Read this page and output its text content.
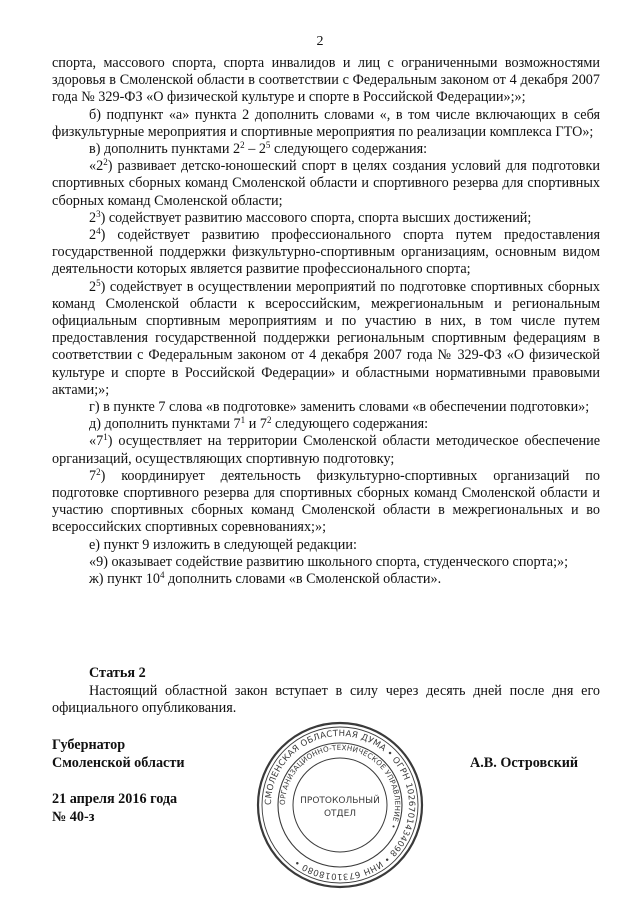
2

спорта, массового спорта, спорта инвалидов и лиц с ограниченными возможностями здоровья в Смоленской области в соответствии с Федеральным законом от 4 декабря 2007 года № 329-ФЗ «О физической культуре и спорте в Российской Федерации»;»;

б) подпункт «а» пункта 2 дополнить словами «, в том числе включающих в себя физкультурные мероприятия и спортивные мероприятия по реализации комплекса ГТО»;

в) дополнить пунктами $2^2 - 2^5$ следующего содержания:

«$2^2$) развивает детско-юношеский спорт в целях создания условий для подготовки спортивных сборных команд Смоленской области и спортивного резерва для спортивных сборных команд Смоленской области;

$2^3$) содействует развитию массового спорта, спорта высших достижений;

$2^4$) содействует развитию профессионального спорта путем предоставления государственной поддержки физкультурно-спортивным организациям, основным видом деятельности которых является развитие профессионального спорта;

$2^5$) содействует в осуществлении мероприятий по подготовке спортивных сборных команд Смоленской области к всероссийским, межрегиональным и региональным официальным спортивным мероприятиям и по участию в них, в том числе путем предоставления государственной поддержки региональным спортивным федерациям в соответствии с Федеральным законом от 4 декабря 2007 года № 329-ФЗ «О физической культуре и спорте в Российской Федерации» и областными нормативными правовыми актами;»;

г) в пункте 7 слова «в подготовке» заменить словами «в обеспечении подготовки»;

д) дополнить пунктами $7^1$ и $7^2$ следующего содержания:

«$7^1$) осуществляет на территории Смоленской области методическое обеспечение организаций, осуществляющих спортивную подготовку;

$7^2$) координирует деятельность физкультурно-спортивных организаций по подготовке спортивного резерва для спортивных сборных команд Смоленской области и участию спортивных сборных команд Смоленской области в межрегиональных и во всероссийских спортивных соревнованиях;»;

е) пункт 9 изложить в следующей редакции:

«9) оказывает содействие развитию школьного спорта, студенческого спорта;»;

ж) пункт $10^4$ дополнить словами «в Смоленской области».

Статья 2

Настоящий областной закон вступает в силу через десять дней после дня его официального опубликования.

Губернатор
Смоленской области	А.В. Островский
21 апреля 2016 года
№ 40-з
СМОЛЕНСКАЯ ОБЛАСТНАЯ ДУМА • ОГРН 1026701434098 • ИНН 6731018080 •
ОРГАНИЗАЦИОННО-ТЕХНИЧЕСКОЕ УПРАВЛЕНИЕ •
ПРОТОКОЛЬНЫЙ
ОТДЕЛ
